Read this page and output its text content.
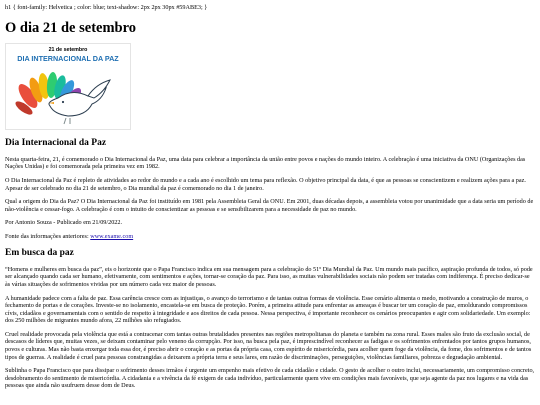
h1 { font-family: Helvetica ; color: blue; text-shadow: 2px 2px 30px #59ABE3; }

O dia 21 de setembro
21 de setembro
DIA INTERNACIONAL DA PAZ
Dia Internacional da Paz

Nesta quarta-feira, 21, é comemorado o Dia Internacional da Paz, uma data para celebrar a importância da união entre povos e nações do mundo inteiro. A celebração é uma iniciativa da ONU (Organizações das Nações Unidas) e foi comemorada pela primeira vez em 1982.

O Dia Internacional da Paz é repleto de atividades ao redor do mundo e a cada ano é escolhido um tema para reflexão. O objetivo principal da data, é que as pessoas se conscientizem e realizem ações para a paz. Apesar de ser celebrado no dia 21 de setembro, o Dia mundial da paz é comemorado no dia 1 de janeiro.

Qual a origem do Dia da Paz? O Dia Internacional da Paz foi instituído em 1981 pela Assembleia Geral da ONU. Em 2001, duas décadas depois, a assembleia votou por unanimidade que a data seria um período de não-violência e cessar-fogo. A celebração é com o intuito de conscientizar as pessoas e se sensibilizarem para a necessidade de paz no mundo.

Por Antonio Souza - Publicado em 21/09/2022.

Fonte das informações anteriores: www.exame.com

Em busca da paz

“Homens e mulheres em busca da paz”, eis o horizonte que o Papa Francisco indica em sua mensagem para a celebração do 51º Dia Mundial da Paz. Um mundo mais pacífico, aspiração profunda de todos, só pode ser alcançado quando cada ser humano, efetivamente, com sentimentos e ações, tornar-se coração da paz. Para isso, as muitas vulnerabilidades sociais não podem ser tratadas com indiferença. É preciso dedicar-se às várias situações de sofrimentos vividas por um número cada vez maior de pessoas.

A humanidade padece com a falta de paz. Essa carência cresce com as injustiças, o avanço do terrorismo e de tantas outras formas de violência. Esse cenário alimenta o medo, motivando a construção de muros, o fechamento de portas e de corações. Investe-se no isolamento, encastela-se em busca de proteção. Porém, a primeira atitude para enfrentar as ameaças é buscar ter um coração de paz, emoldurando compromissos cívis, cidadãos e governamentais com o sentido de respeito à integridade e aos direitos de cada pessoa. Nessa perspectiva, é importante reconhecer os cenários preocupantes e agir com solidariedade. Um exemplo: dos 250 milhões de migrantes mundo afora, 22 milhões são refugiados.

Cruel realidade provocada pela violência que está a contracenar com tantas outras brutalidades presentes nas regiões metropolitanas do planeta e também na zona rural. Esses males são fruto da exclusão social, de descasos de líderes que, muitas vezes, se deixam contaminar pelo veneno da corrupção. Por isso, na busca pela paz, é imprescindível reconhecer as fadigas e os sofrimentos enfrentados por tantos grupos humanos, povos e culturas. Mas não basta enxergar toda essa dor, é preciso abrir o coração e as portas da própria casa, com espírito de misericórdia, para acolher quem foge da violência, da fome, dos sofrimentos e de tantos tipos de guerras. A realidade é cruel para pessoas constrangidas a deixarem a própria terra e seus lares, em razão de discriminações, perseguições, violências familiares, pobreza e degradação ambiental.

Sublinha o Papa Francisco que para dissipar o sofrimento desses irmãos é urgente um empenho mais efetivo de cada cidadão e cidade. O gesto de acolher o outro inclui, necessariamente, um compromisso concreto, desdobramento do sentimento de misericórdia. A cidadania e a vivência da fé exigem de cada indivíduo, particularmente quem vive em condições mais favoráveis, que seja agente da paz nos lugares e na vida das pessoas que ainda não usufruem desse dom de Deus.
